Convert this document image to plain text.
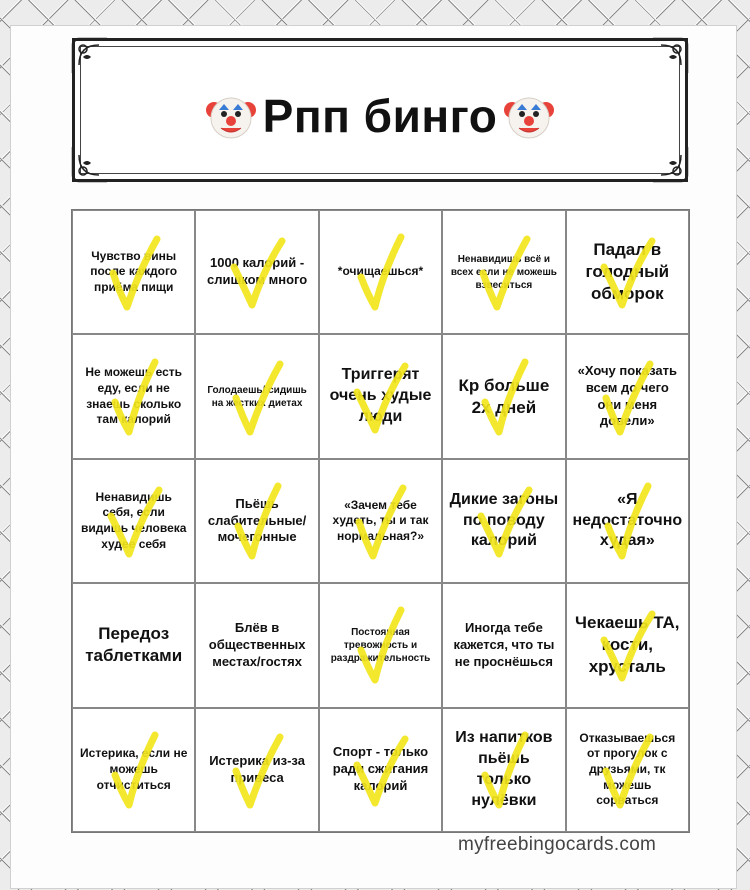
Рпп бинго
Чувство вины после каждого приёма пищи
1000 калорий - слишком много
*очищаешься*
Ненавидишь всё и всех если не можешь взвеситься
Падал в голодный обморок
Не можешь есть еду, если не знаешь сколько там калорий
Голодаешь/ сидишь на жестких диетах
Триггерят очень худые люди
Кр больше 2х дней
«Хочу показать всем до чего они меня довели»
Ненавидишь себя, если видишь человека худее себя
Пьёшь слабительные/ мочегонные
«Зачем тебе худеть, ты и так нормальная?»
Дикие загоны по поводу калорий
«Я недостаточно худая»
Передоз таблетками
Блёв в общественных местах/гостях
Постоянная тревожность и раздражительность
Иногда тебе кажется, что ты не проснёшься
Чекаешь ТА, кости, хрусталь
Истерика, если не можешь отчиститься
Истерика из-за привеса
Спорт - только ради сжигания калорий
Из напитков пьёшь только нулёвки
Отказываешься от прогулок с друзьями, тк можешь сорваться
myfreebingocards.com
